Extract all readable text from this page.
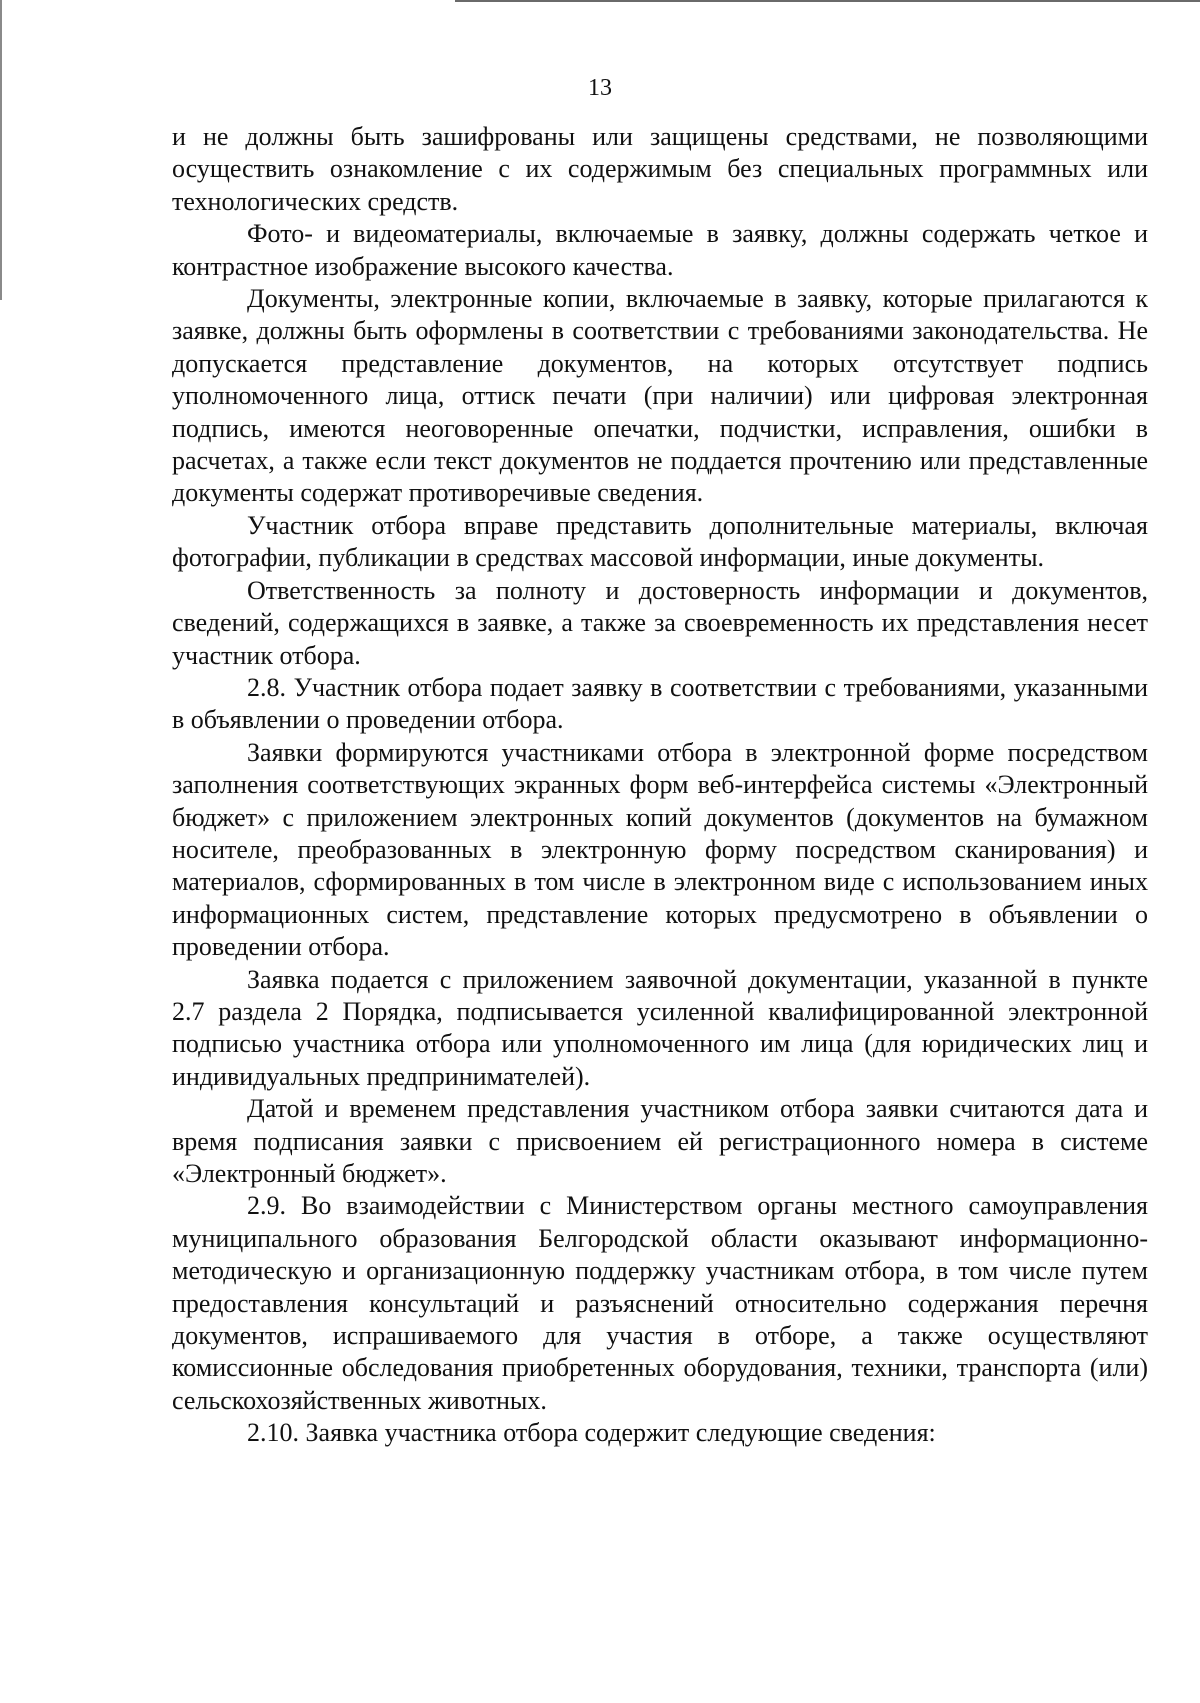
13

и не должны быть зашифрованы или защищены средствами, не позволяющими осуществить ознакомление с их содержимым без специальных программных или технологических средств.

Фото- и видеоматериалы, включаемые в заявку, должны содержать четкое и контрастное изображение высокого качества.

Документы, электронные копии, включаемые в заявку, которые прилагаются к заявке, должны быть оформлены в соответствии с требованиями законодательства. Не допускается представление документов, на которых отсутствует подпись уполномоченного лица, оттиск печати (при наличии) или цифровая электронная подпись, имеются неоговоренные опечатки, подчистки, исправления, ошибки в расчетах, а также если текст документов не поддается прочтению или представленные документы содержат противоречивые сведения.

Участник отбора вправе представить дополнительные материалы, включая фотографии, публикации в средствах массовой информации, иные документы.

Ответственность за полноту и достоверность информации и документов, сведений, содержащихся в заявке, а также за своевременность их представления несет участник отбора.

2.8. Участник отбора подает заявку в соответствии с требованиями, указанными в объявлении о проведении отбора.

Заявки формируются участниками отбора в электронной форме посредством заполнения соответствующих экранных форм веб-интерфейса системы «Электронный бюджет» с приложением электронных копий документов (документов на бумажном носителе, преобразованных в электронную форму посредством сканирования) и материалов, сформированных в том числе в электронном виде с использованием иных информационных систем, представление которых предусмотрено в объявлении о проведении отбора.

Заявка подается с приложением заявочной документации, указанной в пункте 2.7 раздела 2 Порядка, подписывается усиленной квалифицированной электронной подписью участника отбора или уполномоченного им лица (для юридических лиц и индивидуальных предпринимателей).

Датой и временем представления участником отбора заявки считаются дата и время подписания заявки с присвоением ей регистрационного номера в системе «Электронный бюджет».

2.9. Во взаимодействии с Министерством органы местного самоуправления муниципального образования Белгородской области оказывают информационно-методическую и организационную поддержку участникам отбора, в том числе путем предоставления консультаций и разъяснений относительно содержания перечня документов, испрашиваемого для участия в отборе, а также осуществляют комиссионные обследования приобретенных оборудования, техники, транспорта (или) сельскохозяйственных животных.

2.10. Заявка участника отбора содержит следующие сведения:
